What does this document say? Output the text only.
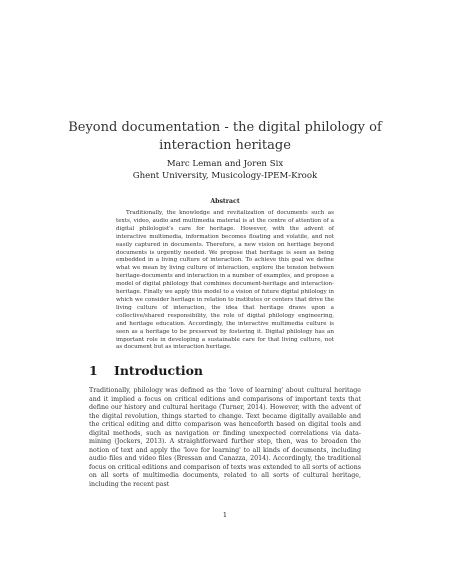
Beyond documentation - the digital philology of interaction heritage
Marc Leman and Joren Six
Ghent University, Musicology-IPEM-Krook
Abstract

Traditionally, the knowledge and revitalization of documents such as texts, video, audio and multimedia material is at the centre of attention of a digital philologist's care for heritage. However, with the advent of interactive multimedia, information becomes floating and volatile, and not easily captured in documents. Therefore, a new vision on heritage beyond documents is urgently needed. We propose that heritage is seen as being embedded in a living culture of interaction. To achieve this goal we define what we mean by living culture of interaction, explore the tension between heritage-documents and interaction in a number of examples, and propose a model of digital philology that combines document-heritage and interaction-heritage. Finally we apply this model to a vision of future digital philology in which we consider heritage in relation to institutes or centers that drive the living culture of interaction, the idea that heritage draws upon a collective/shared responsibility, the role of digital philology engineering, and heritage education. Accordingly, the interactive multimedia culture is seen as a heritage to be preserved by fostering it. Digital philology has an important role in developing a sustainable care for that living culture, not as document but as interaction heritage.

1 Introduction

Traditionally, philology was defined as the 'love of learning' about cultural heritage and it implied a focus on critical editions and comparisons of important texts that define our history and cultural heritage (Turner, 2014). However, with the advent of the digital revolution, things started to change. Text became digitally available and the critical editing and ditto comparison was henceforth based on digital tools and digital methods, such as navigation or finding unexpected correlations via data-mining (Jockers, 2013). A straightforward further step, then, was to broaden the notion of text and apply the 'love for learning' to all kinds of documents, including audio files and video files (Bressan and Canazza, 2014). Accordingly, the traditional focus on critical editions and comparison of texts was extended to all sorts of actions on all sorts of multimedia documents, related to all sorts of cultural heritage, including the recent past

1
